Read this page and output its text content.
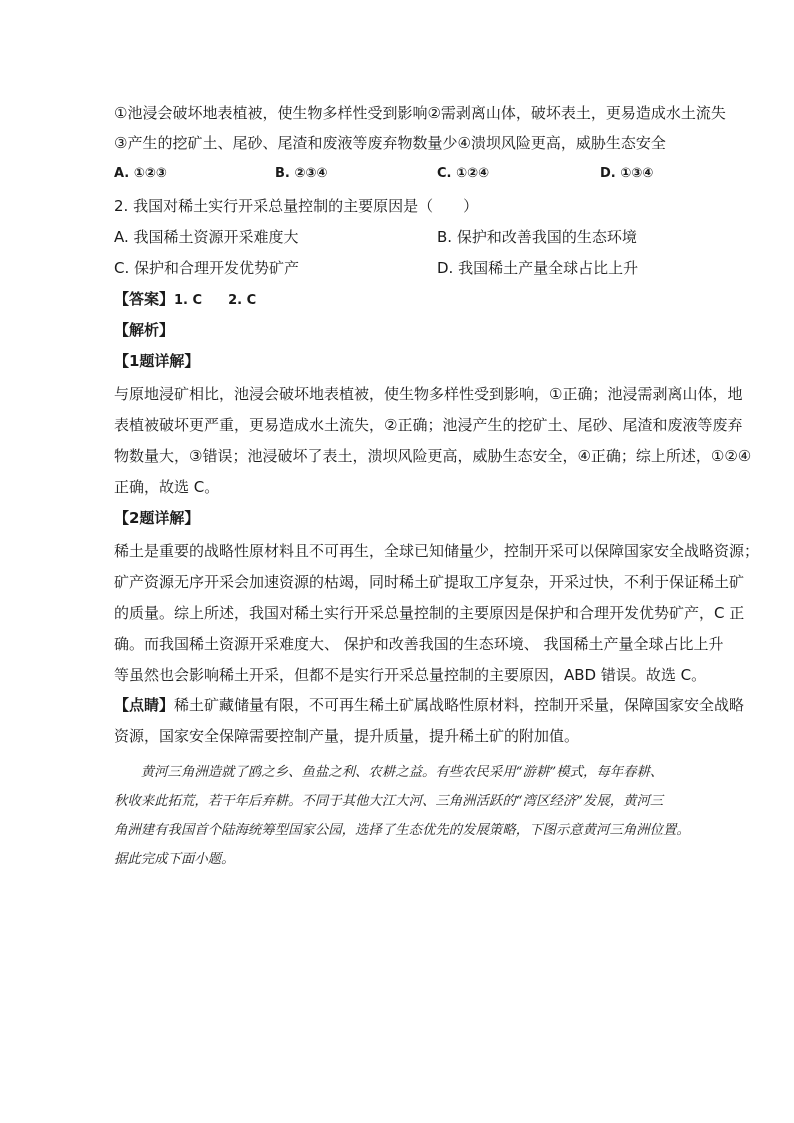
①池浸会破坏地表植被，使生物多样性受到影响②需剥离山体，破坏表土，更易造成水土流失
③产生的挖矿土、尾砂、尾渣和废液等废弃物数量少④溃坝风险更高，威胁生态安全
A. ①②③	B. ②③④	C. ①②④	D. ①③④
2. 我国对稀土实行开采总量控制的主要原因是（　　）
A. 我国稀土资源开采难度大	B. 保护和改善我国的生态环境
C. 保护和合理开发优势矿产	D. 我国稀土产量全球占比上升
【答案】1. C　　2. C
【解析】
【1题详解】

与原地浸矿相比，池浸会破坏地表植被，使生物多样性受到影响，①正确；池浸需剥离山体，地

表植被破坏更严重，更易造成水土流失，②正确；池浸产生的挖矿土、尾砂、尾渣和废液等废弃

物数量大，③错误；池浸破坏了表土，溃坝风险更高，威胁生态安全，④正确；综上所述，①②④

正确，故选 C。

【2题详解】

稀土是重要的战略性原材料且不可再生，全球已知储量少，控制开采可以保障国家安全战略资源；

矿产资源无序开采会加速资源的枯竭，同时稀土矿提取工序复杂，开采过快，不利于保证稀土矿

的质量。综上所述，我国对稀土实行开采总量控制的主要原因是保护和合理开发优势矿产，C 正

确。而我国稀土资源开采难度大、 保护和改善我国的生态环境、 我国稀土产量全球占比上升

等虽然也会影响稀土开采，但都不是实行开采总量控制的主要原因，ABD 错误。故选 C。

【点睛】稀土矿藏储量有限，不可再生稀土矿属战略性原材料，控制开采量，保障国家安全战略

资源，国家安全保障需要控制产量，提升质量，提升稀土矿的附加值。

　　黄河三角洲造就了鸥之乡、鱼盐之利、农耕之益。有些农民采用“游耕”模式，每年春耕、

秋收来此拓荒，若干年后弃耕。不同于其他大江大河、三角洲活跃的“湾区经济”发展，黄河三

角洲建有我国首个陆海统筹型国家公园，选择了生态优先的发展策略，下图示意黄河三角洲位置。

据此完成下面小题。
